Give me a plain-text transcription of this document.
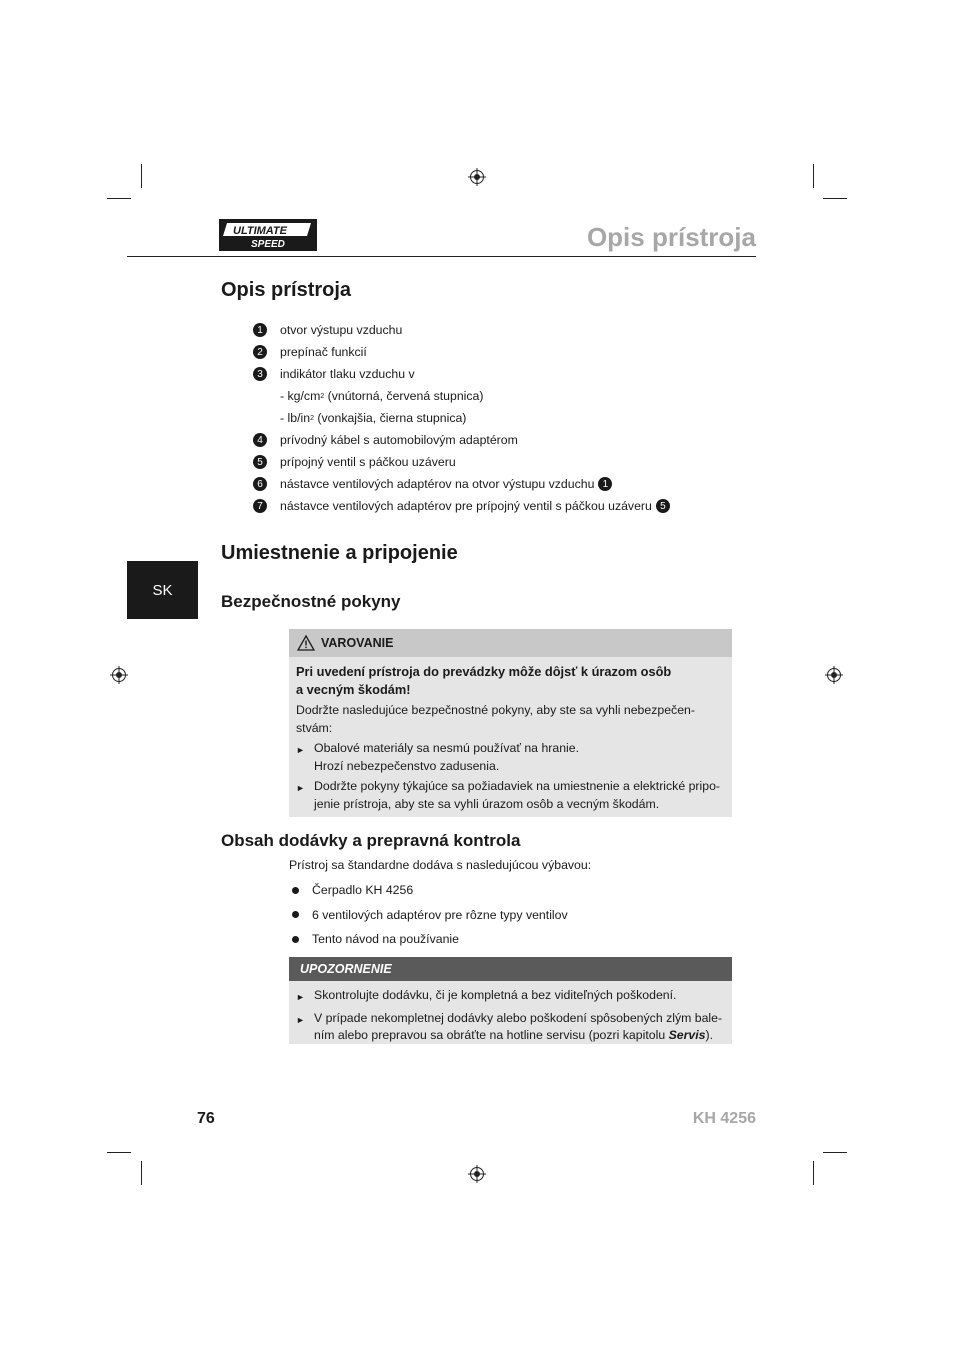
ULTIMATE
SPEED	Opis prístroja
SK
Opis prístroja
1	otvor výstupu vzduchu
2	prepínač funkcií
3	indikátor tlaku vzduchu v
- kg/cm 2 (vnútorná, červená stupnica)
- lb/in 2 (vonkajšia, čierna stupnica)
4	prívodný kábel s automobilovým adaptérom
5	prípojný ventil s páčkou uzáveru
6	nástavce ventilových adaptérov na otvor výstupu vzduchu 1
7	nástavce ventilových adaptérov pre prípojný ventil s páčkou uzáveru 5
Umiestnenie a pripojenie
Bezpečnostné pokyny
VAROVANIE
Pri uvedení prístroja do prevádzky môže dôjsť k úrazom osôb
a vecným škodám!
Dodržte nasledujúce bezpečnostné pokyny, aby ste sa vyhli nebezpečen-
stvám:
► Obalové materiály sa nesmú používať na hranie.
Hrozí nebezpečenstvo zadusenia.
► Dodržte pokyny týkajúce sa požiadaviek na umiestnenie a elektrické pripo-
jenie prístroja, aby ste sa vyhli úrazom osôb a vecným škodám.
Obsah dodávky a prepravná kontrola
Prístroj sa štandardne dodáva s nasledujúcou výbavou:
Čerpadlo KH 4256
6 ventilových adaptérov pre rôzne typy ventilov
Tento návod na používanie
UPOZORNENIE
► Skontrolujte dodávku, či je kompletná a bez viditeľných poškodení.
► V prípade nekompletnej dodávky alebo poškodení spôsobených zlým bale-
ním alebo prepravou sa obráťte na hotline servisu (pozri kapitolu Servis).
76	KH 4256
